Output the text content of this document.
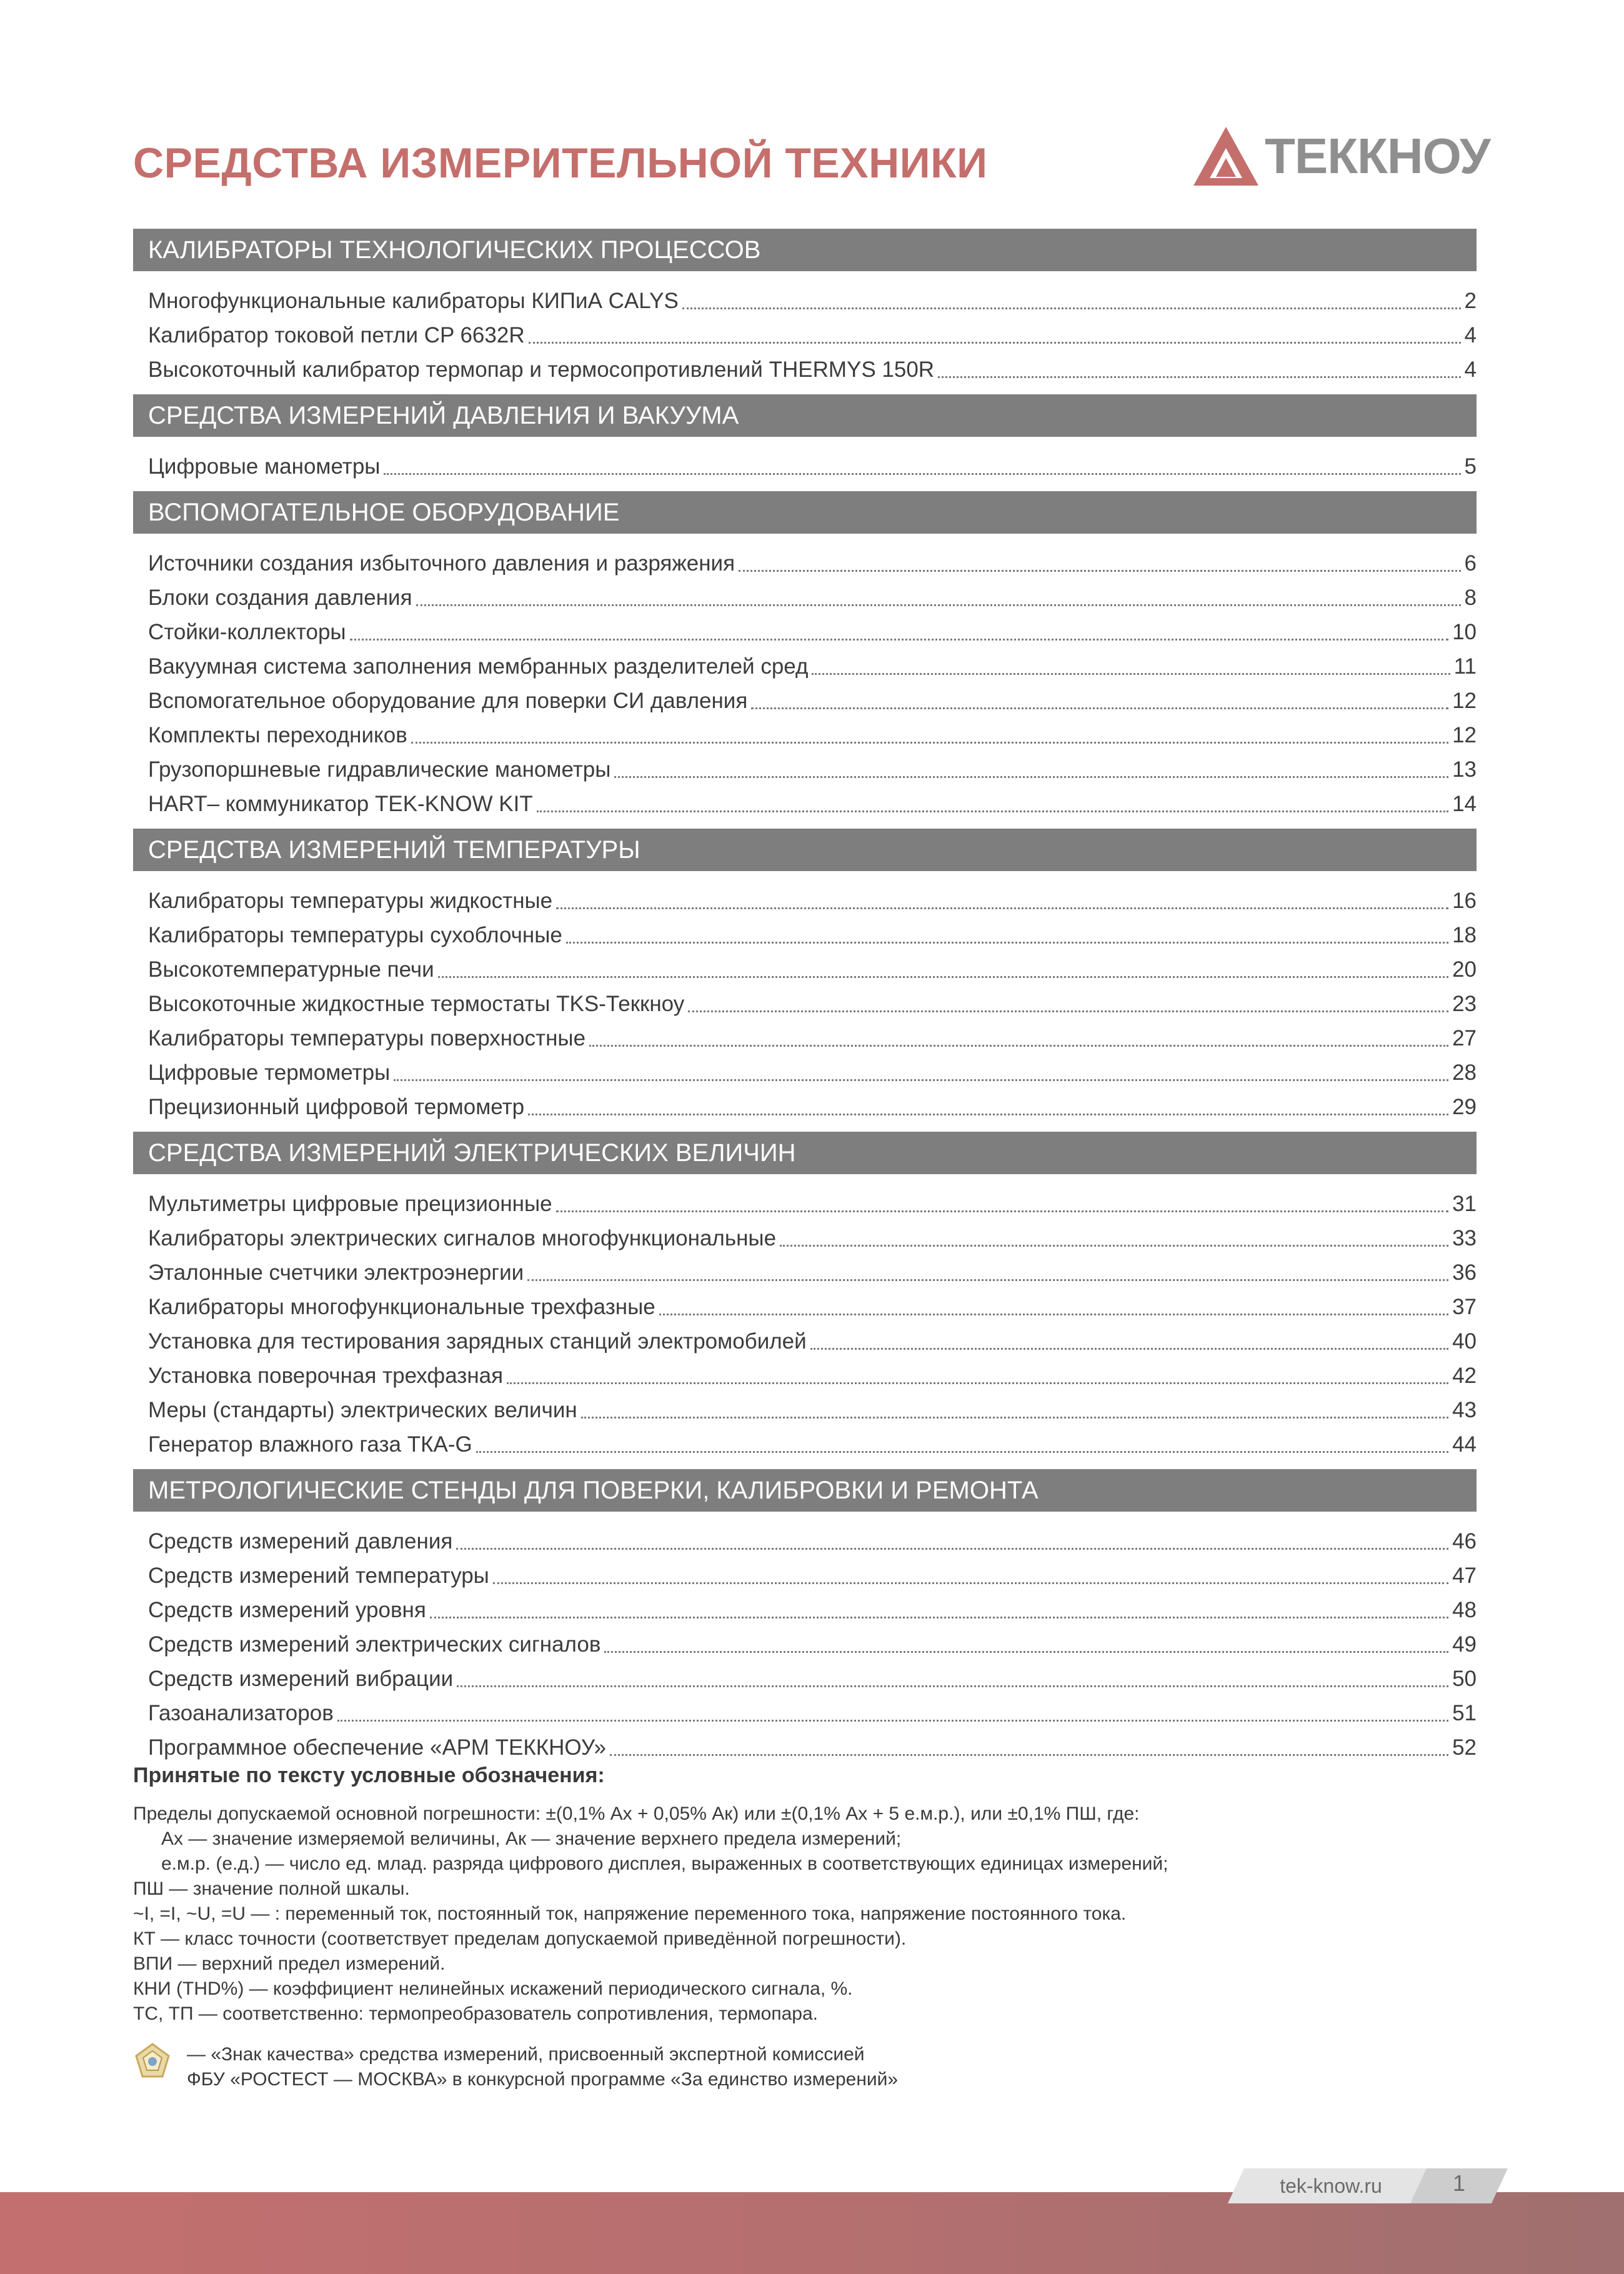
СРЕДСТВА ИЗМЕРИТЕЛЬНОЙ ТЕХНИКИ	ТЕККНОУ
КАЛИБРАТОРЫ ТЕХНОЛОГИЧЕСКИХ ПРОЦЕССОВ
Многофункциональные калибраторы КИПиА CALYS	2
Калибратор токовой петли CP 6632R	4
Высокоточный калибратор термопар и термосопротивлений THERMYS 150R	4
СРЕДСТВА ИЗМЕРЕНИЙ ДАВЛЕНИЯ И ВАКУУМА
Цифровые манометры	5
ВСПОМОГАТЕЛЬНОЕ ОБОРУДОВАНИЕ
Источники создания избыточного давления и разряжения	6
Блоки создания давления	8
Стойки-коллекторы	10
Вакуумная система заполнения мембранных разделителей сред	11
Вспомогательное оборудование для поверки СИ давления	12
Комплекты переходников	12
Грузопоршневые гидравлические манометры	13
HART– коммуникатор TEK-KNOW KIT	14
СРЕДСТВА ИЗМЕРЕНИЙ ТЕМПЕРАТУРЫ
Калибраторы температуры жидкостные	16
Калибраторы температуры сухоблочные	18
Высокотемпературные печи	20
Высокоточные жидкостные термостаты TKS-Теккноу	23
Калибраторы температуры поверхностные	27
Цифровые термометры	28
Прецизионный цифровой термометр	29
СРЕДСТВА ИЗМЕРЕНИЙ ЭЛЕКТРИЧЕСКИХ ВЕЛИЧИН
Мультиметры цифровые прецизионные	31
Калибраторы электрических сигналов многофункциональные	33
Эталонные счетчики электроэнергии	36
Калибраторы многофункциональные трехфазные	37
Установка для тестирования зарядных станций электромобилей	40
Установка поверочная трехфазная	42
Меры (стандарты) электрических величин	43
Генератор влажного газа ТКА-G	44
МЕТРОЛОГИЧЕСКИЕ СТЕНДЫ ДЛЯ ПОВЕРКИ, КАЛИБРОВКИ И РЕМОНТА
Средств измерений давления	46
Средств измерений температуры	47
Средств измерений уровня	48
Средств измерений электрических сигналов	49
Средств измерений вибрации	50
Газоанализаторов	51
Программное обеспечение «АРМ ТЕККНОУ»	52

Принятые по тексту условные обозначения:

Пределы допускаемой основной погрешности: ±(0,1% Ах + 0,05% Ак) или ±(0,1% Ах + 5 е.м.р.), или ±0,1% ПШ, где:
Ах — значение измеряемой величины, Ак — значение верхнего предела измерений;
е.м.р. (е.д.) — число ед. млад. разряда цифрового дисплея, выраженных в соответствующих единицах измерений;
ПШ — значение полной шкалы.
~I, =I, ~U, =U — : переменный ток, постоянный ток, напряжение переменного тока, напряжение постоянного тока.
КТ — класс точности (соответствует пределам допускаемой приведённой погрешности).
ВПИ — верхний предел измерений.
КНИ (THD%) — коэффициент нелинейных искажений периодического сигнала, %.
ТС, ТП — соответственно: термопреобразователь сопротивления, термопара.
— «Знак качества» средства измерений, присвоенный экспертной комиссией
ФБУ «РОСТЕСТ — МОСКВА» в конкурсной программе «За единство измерений»
tek-know.ru	1
